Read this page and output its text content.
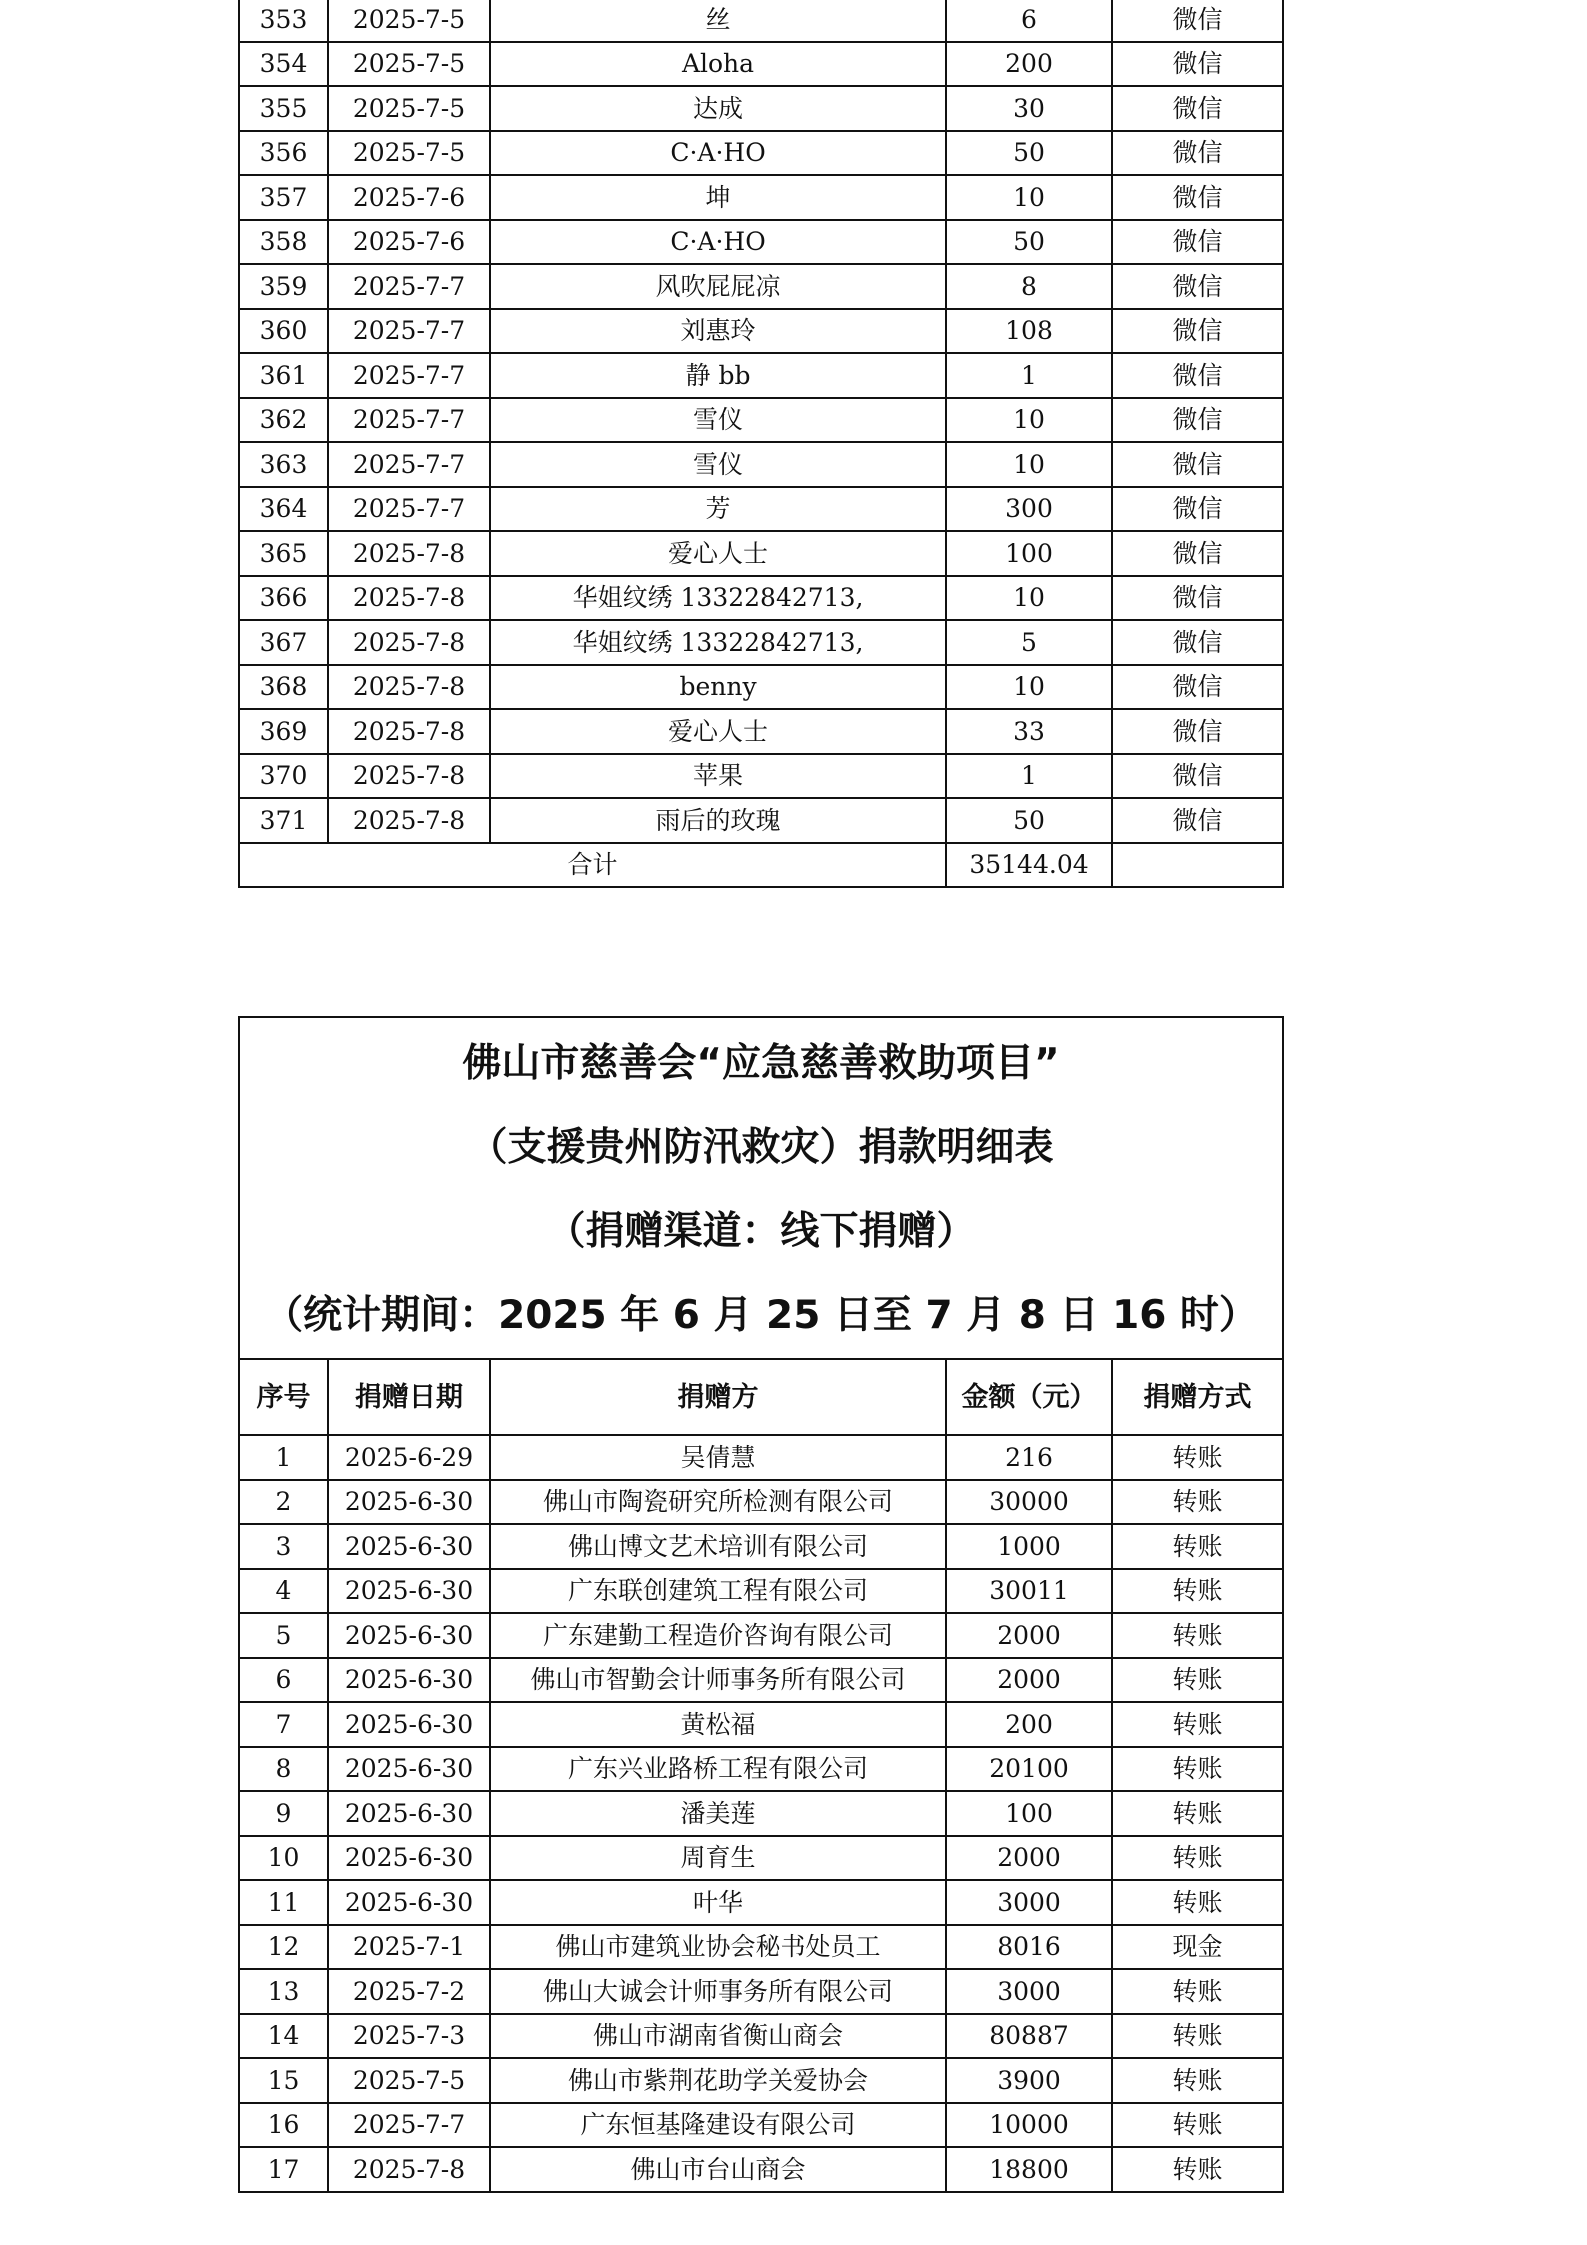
353	2025-7-5	丝	6	微信
354	2025-7-5	Aloha	200	微信
355	2025-7-5	达成	30	微信
356	2025-7-5	C·A·HO	50	微信
357	2025-7-6	坤	10	微信
358	2025-7-6	C·A·HO	50	微信
359	2025-7-7	风吹屁屁凉	8	微信
360	2025-7-7	刘惠玲	108	微信
361	2025-7-7	静 bb	1	微信
362	2025-7-7	雪仪	10	微信
363	2025-7-7	雪仪	10	微信
364	2025-7-7	芳	300	微信
365	2025-7-8	爱心人士	100	微信
366	2025-7-8	华姐纹绣 13322842713,	10	微信
367	2025-7-8	华姐纹绣 13322842713,	5	微信
368	2025-7-8	benny	10	微信
369	2025-7-8	爱心人士	33	微信
370	2025-7-8	苹果	1	微信
371	2025-7-8	雨后的玫瑰	50	微信
合计			35144.04	
佛山市慈善会“应急慈善救助项目”
（支援贵州防汛救灾）捐款明细表
（捐赠渠道：线下捐赠）
（统计期间：2025 年 6 月 25 日至 7 月 8 日 16 时）				

序号	捐赠日期	捐赠方	金额（元）	捐赠方式
1	2025-6-29	吴倩慧	216	转账
2	2025-6-30	佛山市陶瓷研究所检测有限公司	30000	转账
3	2025-6-30	佛山博文艺术培训有限公司	1000	转账
4	2025-6-30	广东联创建筑工程有限公司	30011	转账
5	2025-6-30	广东建勤工程造价咨询有限公司	2000	转账
6	2025-6-30	佛山市智勤会计师事务所有限公司	2000	转账
7	2025-6-30	黄松福	200	转账
8	2025-6-30	广东兴业路桥工程有限公司	20100	转账
9	2025-6-30	潘美莲	100	转账
10	2025-6-30	周育生	2000	转账
11	2025-6-30	叶华	3000	转账
12	2025-7-1	佛山市建筑业协会秘书处员工	8016	现金
13	2025-7-2	佛山大诚会计师事务所有限公司	3000	转账
14	2025-7-3	佛山市湖南省衡山商会	80887	转账
15	2025-7-5	佛山市紫荆花助学关爱协会	3900	转账
16	2025-7-7	广东恒基隆建设有限公司	10000	转账
17	2025-7-8	佛山市台山商会	18800	转账
